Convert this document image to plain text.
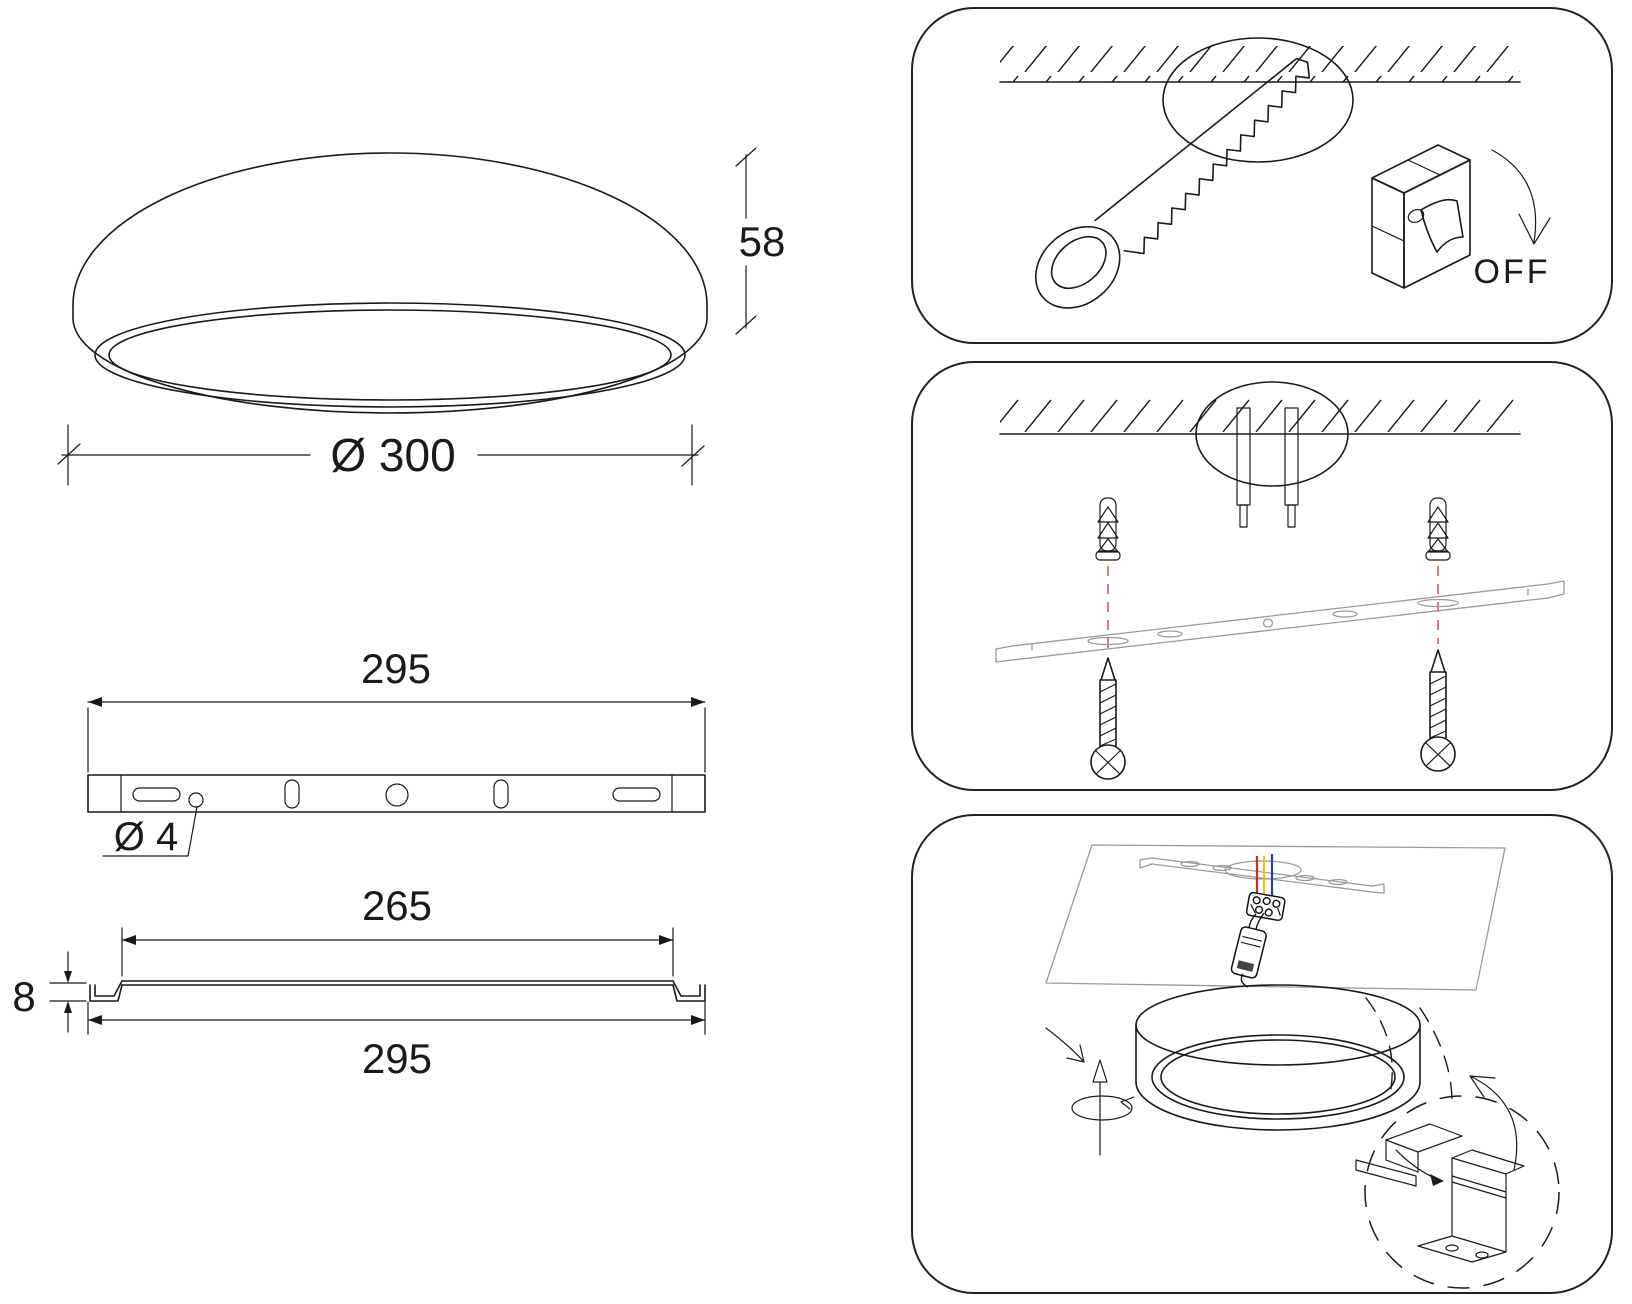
58
Ø 300
295
Ø 4
265
8
295
OFF
